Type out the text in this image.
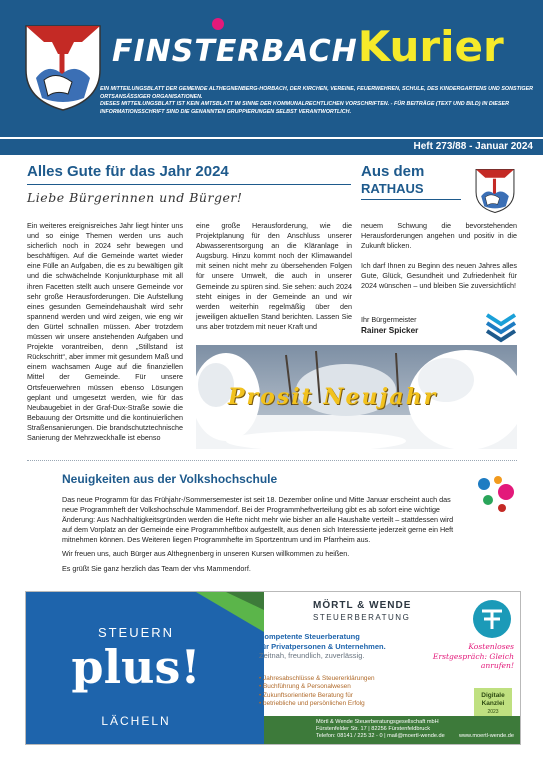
FINSTERBACHKurier
EIN MITTEILUNGSBLATT DER GEMEINDE ALTHEGNENBERG-HORBACH, DER KIRCHEN, VEREINE, FEUERWEHREN, SCHULE, DES KINDERGARTENS UND SONSTIGER ORTSANSÄSSIGER ORGANISATIONEN.
DIESES MITTEILUNGSBLATT IST KEIN AMTSBLATT IM SINNE DER KOMMUNALRECHTLICHEN VORSCHRIFTEN. - FÜR BEITRÄGE (TEXT UND BILD) IN DIESER INFORMATIONSSCHRIFT SIND DIE GENANNTEN GRUPPIERUNGEN SELBST VERANTWORTLICH.
Heft 273/88 - Januar 2024
Alles Gute für das Jahr 2024
Liebe Bürgerinnen und Bürger!

Ein weiteres ereignisreiches Jahr liegt hinter uns und so einige Themen werden uns auch sicherlich noch in 2024 sehr bewegen und beschäftigen. Auf die Gemeinde wartet wieder eine Fülle an Aufgaben, die es zu bewältigen gilt und die schwächelnde Konjunkturphase mit all ihren Facetten stellt auch unsere Gemeinde vor sehr große Herausforderungen. Die Aufstellung eines gesunden Gemeindehaushalt wird sehr spannend werden und wird zeigen, wie eng wir den Gürtel schnallen müssen. Aber trotzdem müssen wir unsere anstehenden Aufgaben und Projekte vorantreiben, denn „Stillstand ist Rückschritt“, aber immer mit gesundem Maß und einem wachsamen Auge auf die finanziellen Mittel der Gemeinde. Für unsere Ortsfeuerwehren müssen ebenso Lösungen geplant und umgesetzt werden, wie für das Neubaugebiet in der Graf-Dux-Straße sowie die Bebauung der Ortsmitte und die kontinuierlichen Straßensanierungen. Die brandschutztechnische Sanierung der Mehrzweckhalle ist ebenso

eine große Herausforderung, wie die Projektplanung für den Anschluss unserer Abwasserentsorgung an die Kläranlage in Augsburg. Hinzu kommt noch der Klimawandel mit seinen nicht mehr zu übersehenden Folgen für unsere Umwelt, die auch in unserer Gemeinde zu spüren sind. Sie sehen: auch 2024 steht einiges in der Gemeinde an und wir werden weiterhin regelmäßig über den jeweiligen aktuellen Stand berichten. Lassen Sie uns aber trotzdem mit neuer Kraft und

neuem Schwung die bevorstehenden Herausforderungen angehen und positiv in die Zukunft blicken.

Ich darf Ihnen zu Beginn des neuen Jahres alles Gute, Glück, Gesundheit und Zufriedenheit für 2024 wünschen – und bleiben Sie zuversichtlich!

Aus dem
RATHAUS
Ihr Bürgermeister
Rainer Spicker
Prosit Neujahr
Neuigkeiten aus der Volkshochschule

Das neue Programm für das Frühjahr-/Sommersemester ist seit 18. Dezember online und Mitte Januar erscheint auch das neue Programmheft der Volkshochschule Mammendorf. Bei der Programmheftverteilung gibt es ab sofort eine wichtige Änderung: Aus Nachhaltigkeitsgründen werden die Hefte nicht mehr wie bisher an alle Haushalte verteilt – stattdessen wird auf dem Vorplatz an der Gemeinde eine Programmheftbox aufgestellt, aus denen sich Interessierte jederzeit gerne ein Heft mitnehmen können. Des Weiteren liegen Programmhefte im Sportzentrum und im Pfarrheim aus.

Wir freuen uns, auch Bürger aus Althegnenberg in unseren Kursen willkommen zu heißen.

Es grüßt Sie ganz herzlich das Team der vhs Mammendorf.

STEUERN
plus!
LÄCHELN
MÖRTL & WENDE
STEUERBERATUNG
Kompetente Steuerberatung
für Privatpersonen & Unternehmen.
Zeitnah, freundlich, zuverlässig.
• Jahresabschlüsse & Steuererklärungen
• Buchführung & Personalwesen
• Zukunftsorientierte Beratung für
• betriebliche und persönlichen Erfolg
Kostenloses Erstgespräch: Gleich anrufen!
Digitale
Kanzlei
2023
Mörtl & Wende Steuerberatungsgesellschaft mbH
Fürstenfelder Str. 17 | 82256 Fürstenfeldbruck
Telefon: 08141 / 225 32 - 0 | mail@moertl-wende.de	www.moertl-wende.de
